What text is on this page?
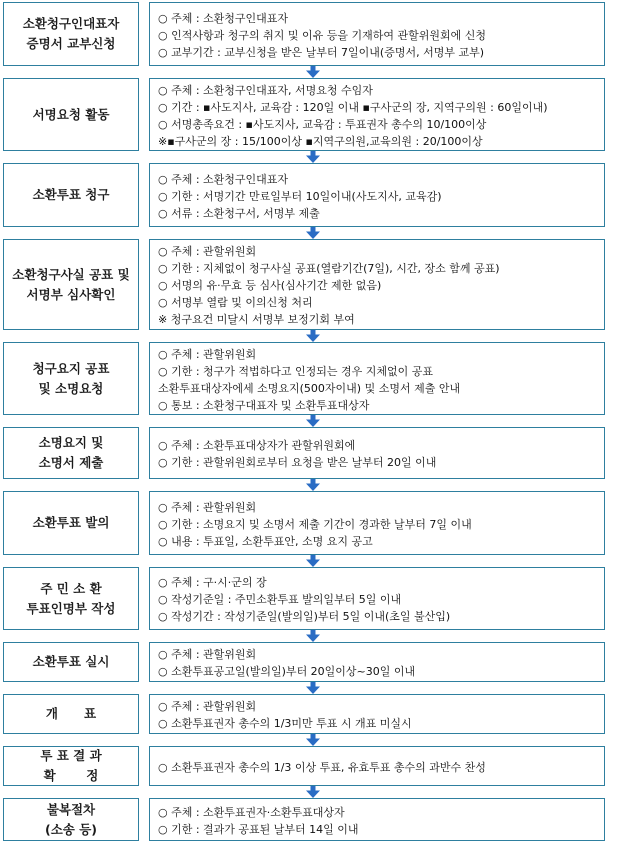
소환청구인대표자
증명서 교부신청
○ 주체 : 소환청구인대표자
○ 인적사항과 청구의 취지 및 이유 등을 기재하여 관할위원회에 신청
○ 교부기간 : 교부신청을 받은 날부터 7일이내(증명서, 서명부 교부)
서명요청 활동
○ 주체 : 소환청구인대표자, 서명요청 수임자
○ 기간 : ▪사도지사, 교육감 : 120일 이내 ▪구사군의 장, 지역구의원 : 60일이내)
○ 서명총족요건 : ▪사도지사, 교육감 : 투표권자 총수의 10/100이상
※▪구사군의 장 : 15/100이상 ▪지역구의원,교육의원 : 20/100이상
소환투표 청구
○ 주체 : 소환청구인대표자
○ 기한 : 서명기간 만료일부터 10일이내(사도지사, 교육감)
○ 서류 : 소환청구서, 서명부 제출
소환청구사실 공표 및
서명부 심사확인
○ 주체 : 관할위원회
○ 기한 : 지체없이 청구사실 공표(열람기간(7일), 시간, 장소 함께 공표)
○ 서명의 유·무효 등 심사(심사기간 제한 없음)
○ 서명부 열람 및 이의신청 처리
※ 청구요건 미달시 서명부 보정기회 부여
청구요지 공표
및 소명요청
○ 주체 : 관할위원회
○ 기한 : 청구가 적법하다고 인정되는 경우 지체없이 공표
소환투표대상자에세 소명요지(500자이내) 및 소명서 제출 안내
○ 통보 : 소환청구대표자 및 소환투표대상자
소명요지 및
소명서 제출
○ 주체 : 소환투표대상자가 관할위원회에
○ 기한 : 관할위원회로부터 요청을 받은 날부터 20일 이내
소환투표 발의
○ 주체 : 관할위원회
○ 기한 : 소명요지 및 소명서 제출 기간이 경과한 날부터 7일 이내
○ 내용 : 투표일, 소환투표안, 소명 요지 공고
주 민 소 환
투표인명부 작성
○ 주체 : 구·시·군의 장
○ 작성기준일 : 주민소환투표 발의일부터 5일 이내
○ 작성기간 : 작성기준일(발의일)부터 5일 이내(초일 불산입)
소환투표 실시	○ 주체 : 관할위원회
○ 소환투표공고일(발의일)부터 20일이상~30일 이내
개      표	○ 주체 : 관할위원회
○ 소환투표권자 총수의 1/3미만 투표 시 개표 미실시
투 표 결 과
확       정
○ 소환투표권자 총수의 1/3 이상 투표, 유효투표 총수의 과반수 찬성
불복절차
(소송 등)
○ 주체 : 소환투표권자·소환투표대상자
○ 기한 : 결과가 공표된 날부터 14일 이내
